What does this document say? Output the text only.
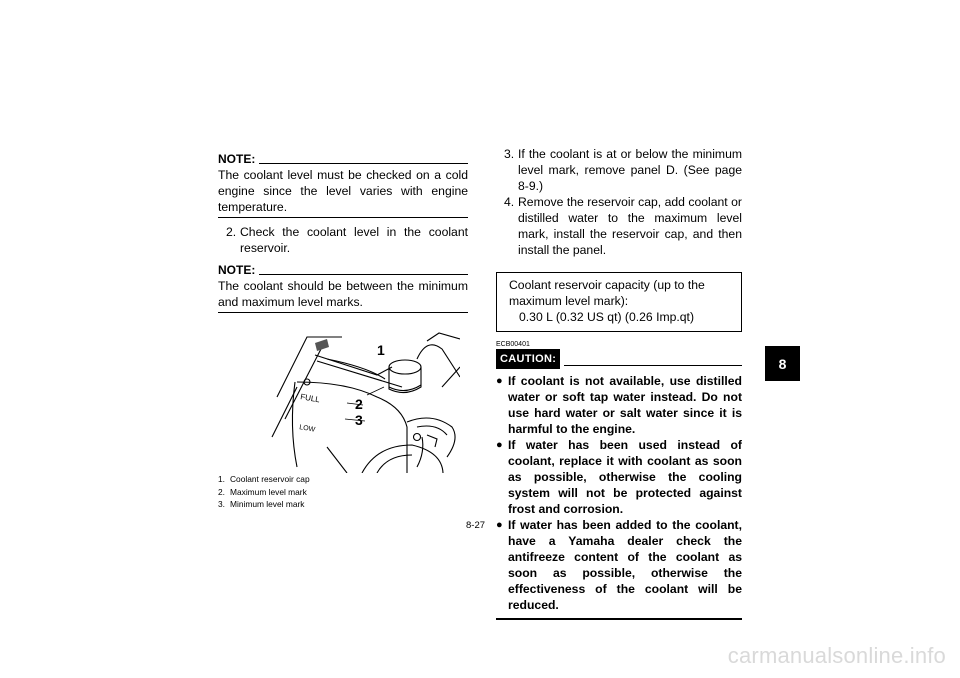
NOTE:
The coolant level must be checked on a cold engine since the level varies with engine temperature.
2. Check the coolant level in the coolant reservoir.
NOTE:
The coolant should be between the minimum and maximum level marks.
FULL
LOW
1
2
3
1. Coolant reservoir cap
2. Maximum level mark
3. Minimum level mark
3. If the coolant is at or below the minimum level mark, remove panel D. (See page 8-9.)
4. Remove the reservoir cap, add coolant or distilled water to the maximum level mark, install the reservoir cap, and then install the panel.
Coolant reservoir capacity (up to the maximum level mark):
0.30 L (0.32 US qt) (0.26 Imp.qt)
ECB00401
CAUTION:
● If coolant is not available, use distilled water or soft tap water instead. Do not use hard water or salt water since it is harmful to the engine.
● If water has been used instead of coolant, replace it with coolant as soon as possible, otherwise the cooling system will not be protected against frost and corrosion.
● If water has been added to the coolant, have a Yamaha dealer check the antifreeze content of the coolant as soon as possible, otherwise the effectiveness of the coolant will be reduced.
8
8-27
carmanualsonline.info
